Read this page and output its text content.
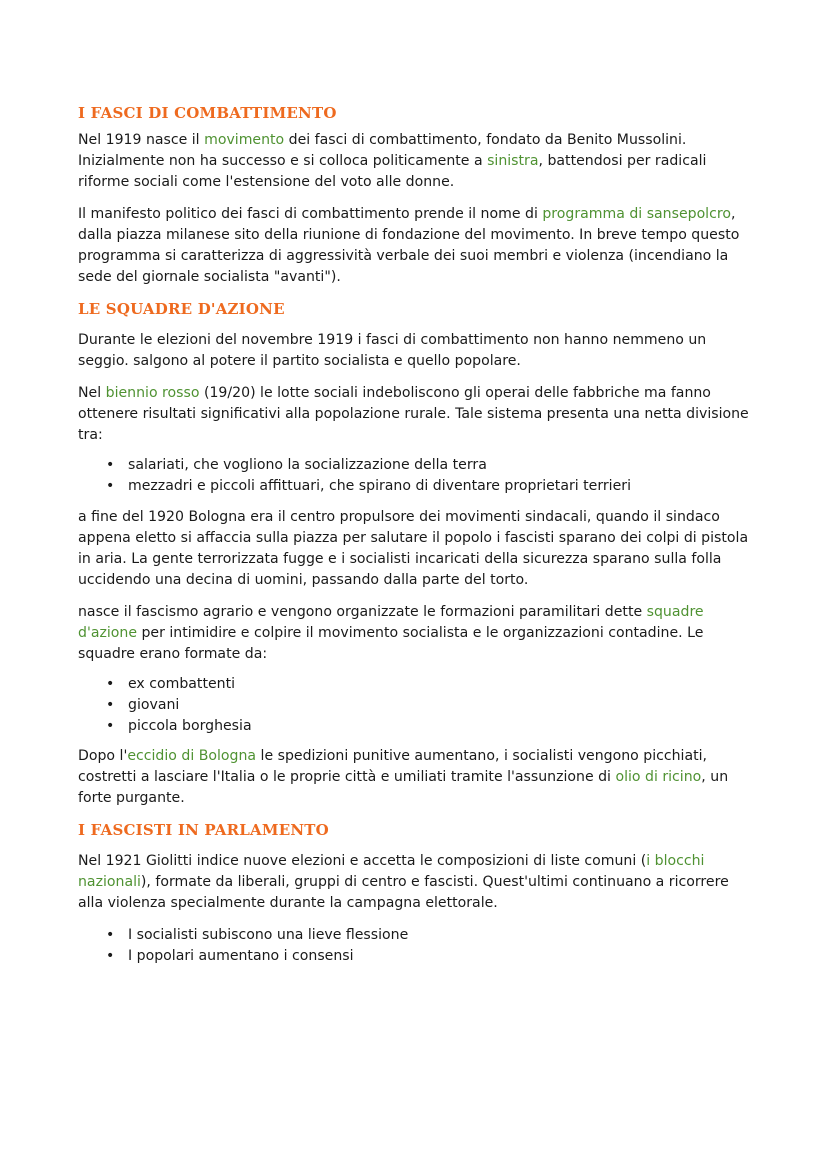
I FASCI DI COMBATTIMENTO

Nel 1919 nasce il movimento dei fasci di combattimento, fondato da Benito Mussolini. Inizialmente non ha successo e si colloca politicamente a sinistra, battendosi per radicali riforme sociali come l'estensione del voto alle donne.

Il manifesto politico dei fasci di combattimento prende il nome di programma di sansepolcro, dalla piazza milanese sito della riunione di fondazione del movimento. In breve tempo questo programma si caratterizza di aggressività verbale dei suoi membri e violenza (incendiano la sede del giornale socialista "avanti").

LE SQUADRE D'AZIONE

Durante le elezioni del novembre 1919 i fasci di combattimento non hanno nemmeno un seggio. salgono al potere il partito socialista e quello popolare.

Nel biennio rosso (19/20) le lotte sociali indeboliscono gli operai delle fabbriche ma fanno ottenere risultati significativi alla popolazione rurale. Tale sistema presenta una netta divisione tra:

• salariati, che vogliono la socializzazione della terra
• mezzadri e piccoli affittuari, che spirano di diventare proprietari terrieri

a fine del 1920 Bologna era il centro propulsore dei movimenti sindacali, quando il sindaco appena eletto si affaccia sulla piazza per salutare il popolo i fascisti sparano dei colpi di pistola in aria. La gente terrorizzata fugge e i socialisti incaricati della sicurezza sparano sulla folla uccidendo una decina di uomini, passando dalla parte del torto.

nasce il fascismo agrario e vengono organizzate le formazioni paramilitari dette squadre d'azione per intimidire e colpire il movimento socialista e le organizzazioni contadine. Le squadre erano formate da:

• ex combattenti
• giovani
• piccola borghesia

Dopo l'eccidio di Bologna le spedizioni punitive aumentano, i socialisti vengono picchiati, costretti a lasciare l'Italia o le proprie città e umiliati tramite l'assunzione di olio di ricino, un forte purgante.

I FASCISTI IN PARLAMENTO

Nel 1921 Giolitti indice nuove elezioni e accetta le composizioni di liste comuni (i blocchi nazionali), formate da liberali, gruppi di centro e fascisti. Quest'ultimi continuano a ricorrere alla violenza specialmente durante la campagna elettorale.

• I socialisti subiscono una lieve flessione
• I popolari aumentano i consensi
